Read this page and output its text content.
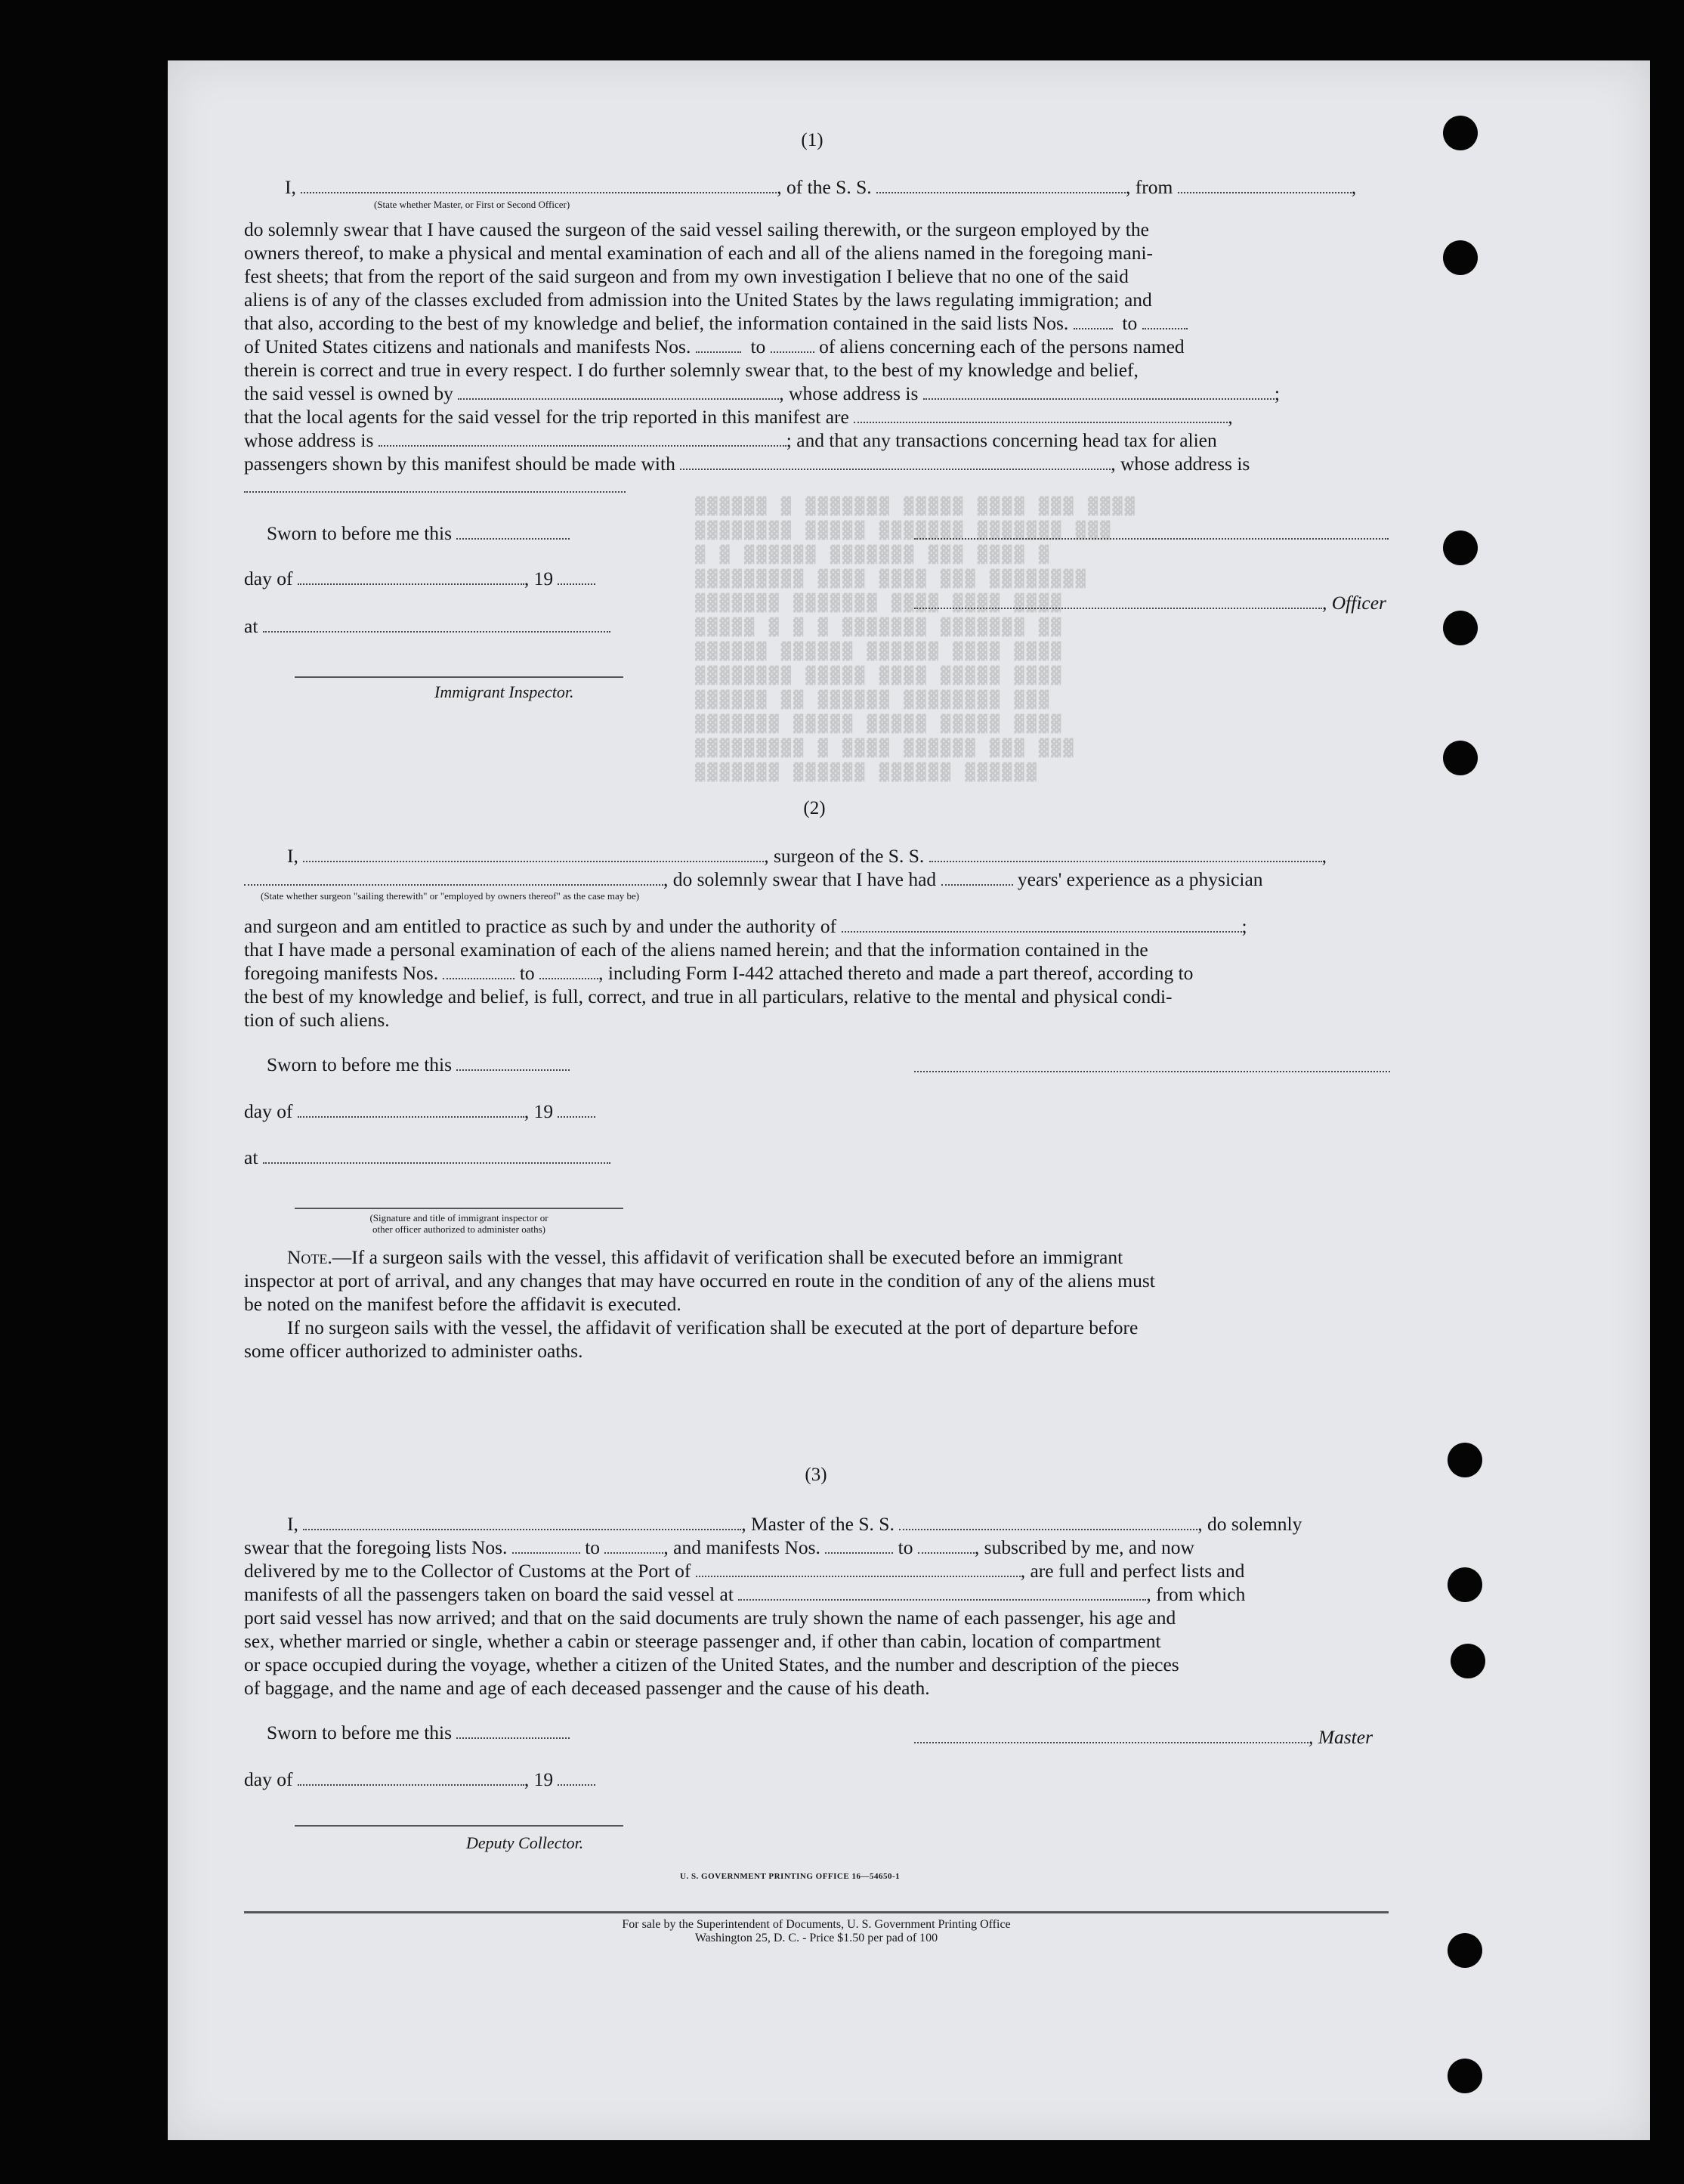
▓▓▓▓▓▓ ▓ ▓▓▓▓▓▓▓ ▓▓▓▓▓ ▓▓▓▓ ▓▓▓ ▓▓▓▓
▓▓▓▓▓▓▓▓ ▓▓▓▓▓ ▓▓▓▓▓▓▓ ▓▓▓▓▓▓▓ ▓▓▓
▓ ▓ ▓▓▓▓▓▓ ▓▓▓▓▓▓▓ ▓▓▓ ▓▓▓▓ ▓
▓▓▓▓▓▓▓▓▓ ▓▓▓▓ ▓▓▓▓ ▓▓▓ ▓▓▓▓▓▓▓▓
▓▓▓▓▓▓▓ ▓▓▓▓▓▓▓ ▓▓▓▓ ▓▓▓▓ ▓▓▓▓
▓▓▓▓▓ ▓ ▓ ▓ ▓▓▓▓▓▓▓ ▓▓▓▓▓▓▓ ▓▓
▓▓▓▓▓▓ ▓▓▓▓▓▓ ▓▓▓▓▓▓ ▓▓▓▓ ▓▓▓▓
▓▓▓▓▓▓▓▓ ▓▓▓▓▓ ▓▓▓▓ ▓▓▓▓▓ ▓▓▓▓
▓▓▓▓▓▓ ▓▓ ▓▓▓▓▓▓ ▓▓▓▓▓▓▓▓ ▓▓▓
▓▓▓▓▓▓▓ ▓▓▓▓▓ ▓▓▓▓▓ ▓▓▓▓▓ ▓▓▓▓
▓▓▓▓▓▓▓▓▓ ▓ ▓▓▓▓ ▓▓▓▓▓▓ ▓▓▓ ▓▓▓
▓▓▓▓▓▓▓ ▓▓▓▓▓▓ ▓▓▓▓▓▓ ▓▓▓▓▓▓
(1)
I,	, of the S. S.	, from	,
(State whether Master, or First or Second Officer)
do solemnly swear that I have caused the surgeon of the said vessel sailing therewith, or the surgeon employed by the
owners thereof, to make a physical and mental examination of each and all of the aliens named in the foregoing mani-
fest sheets; that from the report of the said surgeon and from my own investigation I believe that no one of the said
aliens is of any of the classes excluded from admission into the United States by the laws regulating immigration; and
that also, according to the best of my knowledge and belief, the information contained in the said lists Nos.	to
of United States citizens and nationals and manifests Nos.	to	of aliens concerning each of the persons named
therein is correct and true in every respect. I do further solemnly swear that, to the best of my knowledge and belief,
the said vessel is owned by	, whose address is	;
that the local agents for the said vessel for the trip reported in this manifest are	,
whose address is	; and that any transactions concerning head tax for alien
passengers shown by this manifest should be made with	, whose address is
Sworn to before me this
day of	, 19
, Officer
at
Immigrant Inspector.
(2)
I,	, surgeon of the S. S.	,
, do solemnly swear that I have had	years' experience as a physician
(State whether surgeon "sailing therewith" or "employed by owners thereof" as the case may be)
and surgeon and am entitled to practice as such by and under the authority of	;
that I have made a personal examination of each of the aliens named herein; and that the information contained in the
foregoing manifests Nos.	to	, including Form I-442 attached thereto and made a part thereof, according to
the best of my knowledge and belief, is full, correct, and true in all particulars, relative to the mental and physical condi-
tion of such aliens.
Sworn to before me this
day of	, 19
at
(Signature and title of immigrant inspector or
other officer authorized to administer oaths)
Note.—If a surgeon sails with the vessel, this affidavit of verification shall be executed before an immigrant
inspector at port of arrival, and any changes that may have occurred en route in the condition of any of the aliens must
be noted on the manifest before the affidavit is executed.
If no surgeon sails with the vessel, the affidavit of verification shall be executed at the port of departure before
some officer authorized to administer oaths.
(3)
I,	, Master of the S. S.	, do solemnly
swear that the foregoing lists Nos.	to	, and manifests Nos.	to	, subscribed by me, and now
delivered by me to the Collector of Customs at the Port of	, are full and perfect lists and
manifests of all the passengers taken on board the said vessel at	, from which
port said vessel has now arrived; and that on the said documents are truly shown the name of each passenger, his age and
sex, whether married or single, whether a cabin or steerage passenger and, if other than cabin, location of compartment
or space occupied during the voyage, whether a citizen of the United States, and the number and description of the pieces
of baggage, and the name and age of each deceased passenger and the cause of his death.
Sworn to before me this	, Master
day of	, 19
Deputy Collector.
U. S. GOVERNMENT PRINTING OFFICE 16—54650-1
For sale by the Superintendent of Documents, U. S. Government Printing Office
Washington 25, D. C. - Price $1.50 per pad of 100
